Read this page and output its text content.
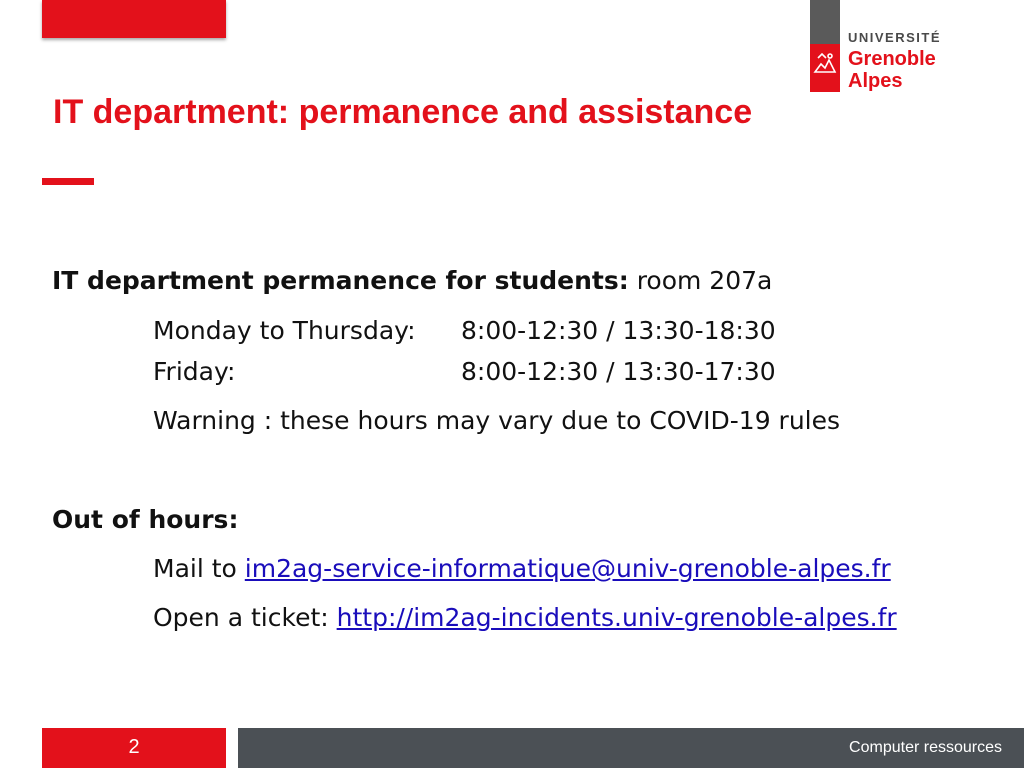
UNIVERSITÉ
Grenoble
Alpes
IT department: permanence and assistance
IT department permanence for students: room 207a
Monday to Thursday: 8:00-12:30 / 13:30-18:30
Friday:	8:00-12:30 / 13:30-17:30
Warning : these hours may vary due to COVID-19 rules
Out of hours:
Mail to im2ag-service-informatique@univ-grenoble-alpes.fr
Open a ticket: http://im2ag-incidents.univ-grenoble-alpes.fr
2	Computer ressources
